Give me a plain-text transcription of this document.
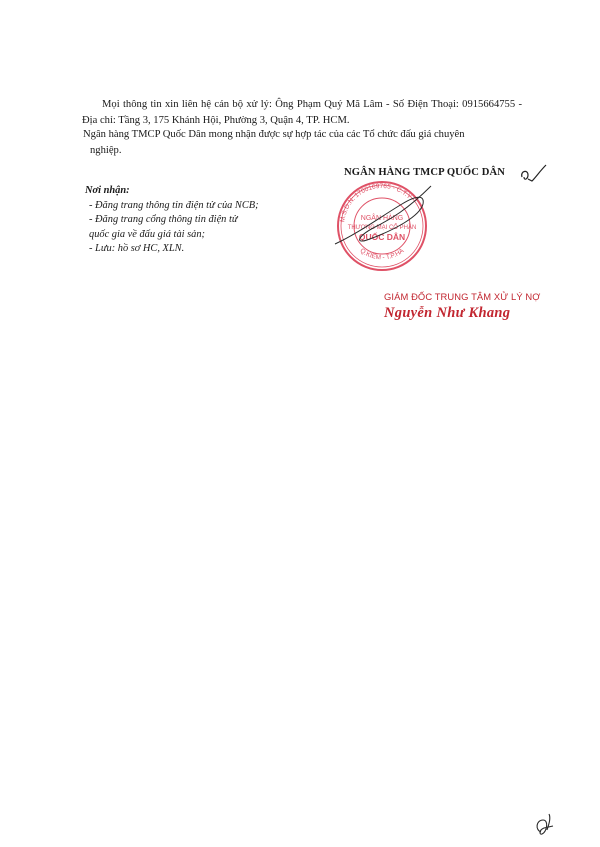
Mọi thông tin xin liên hệ cán bộ xử lý: Ông Phạm Quý Mã Lâm - Số Điện Thoại: 0915664755 - Địa chỉ: Tầng 3, 175 Khánh Hội, Phường 3, Quận 4, TP. HCM.
Ngân hàng TMCP Quốc Dân mong nhận được sự hợp tác của các Tổ chức đấu giá chuyên
nghiệp.
Nơi nhận:
- Đăng trang thông tin điện tử của NCB;
- Đăng trang cổng thông tin điện tử quốc gia về đấu giá tài sản;
- Lưu: hồ sơ HC, XLN.
M.S.D.N: 1700169765 - C.T.Y
Q.KIẾM - T.P.HÀ
NGÂN HÀNG
THƯƠNG MẠI CỔ PHẦN
QUỐC DÂN
NGÂN HÀNG TMCP QUỐC DÂN
GIÁM ĐỐC TRUNG TÂM XỬ LÝ NỢ
Nguyễn Như Khang
